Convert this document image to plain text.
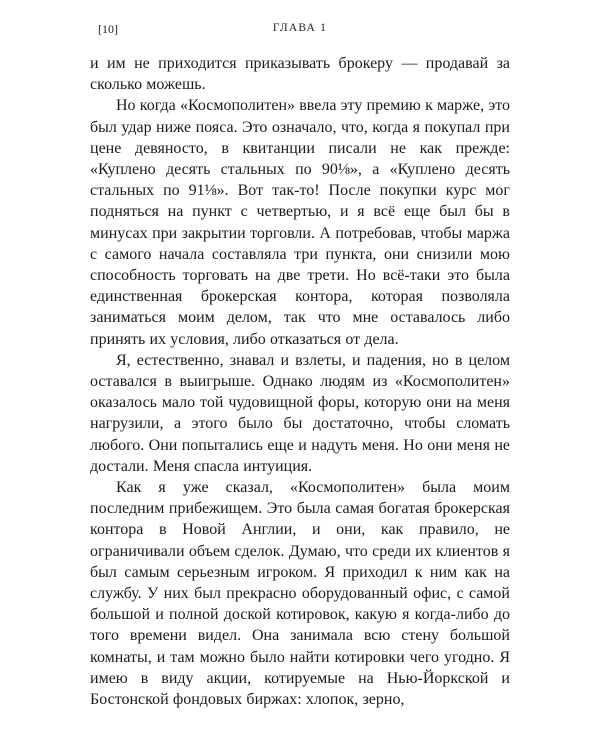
[10]	ГЛАВА 1

и им не приходится приказывать брокеру — продавай за сколько можешь.

Но когда «Космополитен» ввела эту премию к марже, это был удар ниже пояса. Это означало, что, когда я покупал при цене девяносто, в квитанции писали не как прежде: «Куплено десять стальных по 90⅛», а «Куплено десять стальных по 91⅛». Вот так-то! После покупки курс мог подняться на пункт с четвертью, и я всё еще был бы в минусах при закрытии торговли. А потребовав, чтобы маржа с самого начала составляла три пункта, они снизили мою способность торговать на две трети. Но всё-таки это была единственная брокерская контора, которая позволяла заниматься моим делом, так что мне оставалось либо принять их условия, либо отказаться от дела.

Я, естественно, знавал и взлеты, и падения, но в целом оставался в выигрыше. Однако людям из «Космополитен» оказалось мало той чудовищной форы, которую они на меня нагрузили, а этого было бы достаточно, чтобы сломать любого. Они попытались еще и надуть меня. Но они меня не достали. Меня спасла интуиция.

Как я уже сказал, «Космополитен» была моим последним прибежищем. Это была самая богатая брокерская контора в Новой Англии, и они, как правило, не ограничивали объем сделок. Думаю, что среди их клиентов я был самым серьезным игроком. Я приходил к ним как на службу. У них был прекрасно оборудованный офис, с самой большой и полной доской котировок, какую я когда-либо до того времени видел. Она занимала всю стену большой комнаты, и там можно было найти котировки чего угодно. Я имею в виду акции, котируемые на Нью-Йоркской и Бостонской фондовых биржах: хлопок, зерно,
